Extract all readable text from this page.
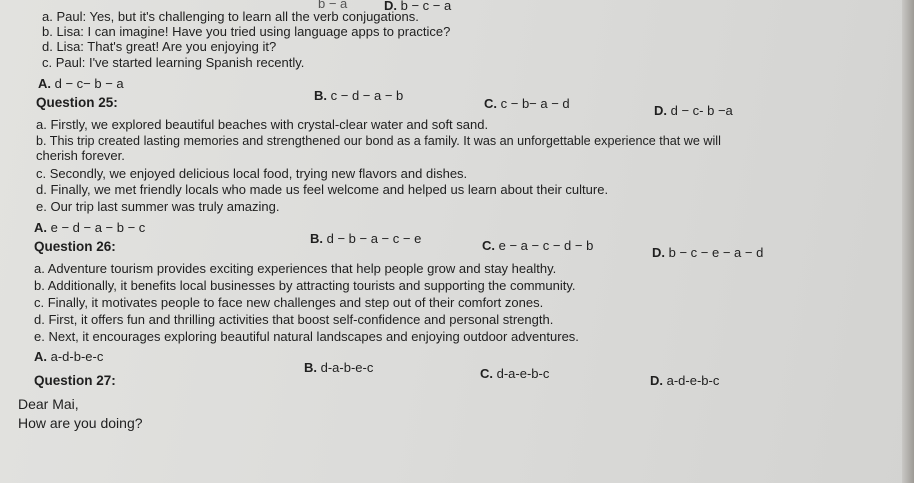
b − a	D. b − c − a
a. Paul: Yes, but it's challenging to learn all the verb conjugations.
b. Lisa: I can imagine! Have you tried using language apps to practice?
d. Lisa: That's great! Are you enjoying it?
c. Paul: I've started learning Spanish recently.
A. d − c− b − a
B. c − d − a − b
C. c − b− a − d	D. d − c- b −a
Question 25:
a. Firstly, we explored beautiful beaches with crystal-clear water and soft sand.
b. This trip created lasting memories and strengthened our bond as a family. It was an unforgettable experience that we will
cherish forever.
c. Secondly, we enjoyed delicious local food, trying new flavors and dishes.
d. Finally, we met friendly locals who made us feel welcome and helped us learn about their culture.
e. Our trip last summer was truly amazing.
A. e − d − a − b − c
B. d − b − a − c − e	C. e − a − c − d − b	D. b − c − e − a − d
Question 26:
a. Adventure tourism provides exciting experiences that help people grow and stay healthy.
b. Additionally, it benefits local businesses by attracting tourists and supporting the community.
c. Finally, it motivates people to face new challenges and step out of their comfort zones.
d. First, it offers fun and thrilling activities that boost self-confidence and personal strength.
e. Next, it encourages exploring beautiful natural landscapes and enjoying outdoor adventures.
A. a-d-b-e-c
B. d-a-b-e-c	C. d-a-e-b-c	D. a-d-e-b-c
Question 27:
Dear Mai,
How are you doing?
